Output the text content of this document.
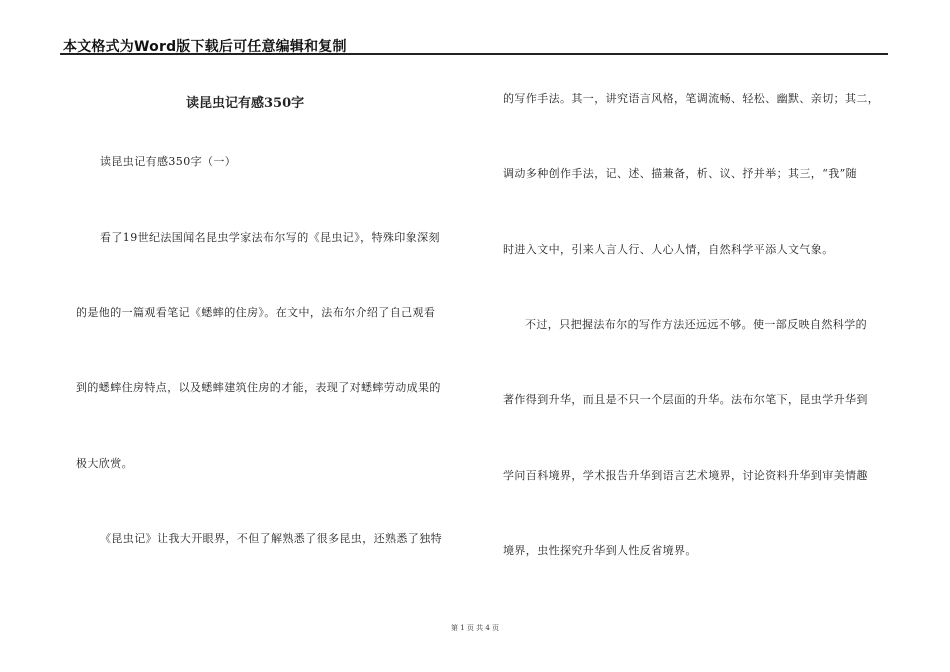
本文格式为Word版下载后可任意编辑和复制
读昆虫记有感350字
读昆虫记有感350字（一）
看了19世纪法国闻名昆虫学家法布尔写的《昆虫记》，特殊印象深刻
的是他的一篇观看笔记《蟋蟀的住房》。在文中，法布尔介绍了自己观看
到的蟋蟀住房特点，以及蟋蟀建筑住房的才能，表现了对蟋蟀劳动成果的
极大欣赏。
《昆虫记》让我大开眼界，不但了解熟悉了很多昆虫，还熟悉了独特
的写作手法。其一，讲究语言风格，笔调流畅、轻松、幽默、亲切；其二，
调动多种创作手法，记、述、描兼备，析、议、抒并举；其三，“我”随
时进入文中，引来人言人行、人心人情，自然科学平添人文气象。
不过，只把握法布尔的写作方法还远远不够。使一部反映自然科学的
著作得到升华，而且是不只一个层面的升华。法布尔笔下，昆虫学升华到
学问百科境界，学术报告升华到语言艺术境界，讨论资料升华到审美情趣
境界，虫性探究升华到人性反省境界。
第 1 页 共 4 页
